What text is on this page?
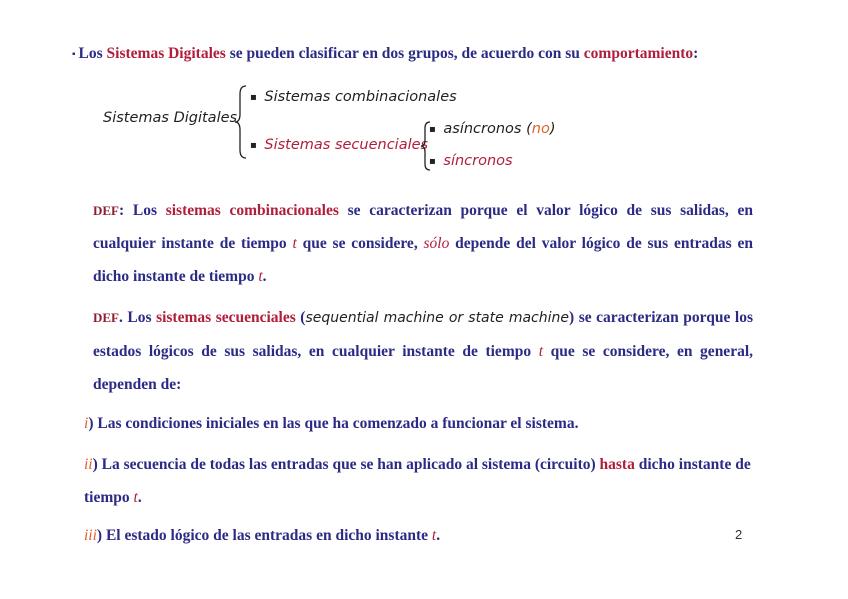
▪ Los Sistemas Digitales se pueden clasificar en dos grupos, de acuerdo con su comportamiento:
Sistemas Digitales
▪ Sistemas combinacionales
▪ Sistemas secuenciales
▪ asíncronos (no)
▪ síncronos
DEF: Los sistemas combinacionales se caracterizan porque el valor lógico de sus salidas, en cualquier instante de tiempo t que se considere, sólo depende del valor lógico de sus entradas en dicho instante de tiempo t.
DEF. Los sistemas secuenciales (sequential machine or state machine) se caracterizan porque los estados lógicos de sus salidas, en cualquier instante de tiempo t que se considere, en general, dependen de:
i) Las condiciones iniciales en las que ha comenzado a funcionar el sistema.
ii) La secuencia de todas las entradas que se han aplicado al sistema (circuito) hasta dicho instante de tiempo t.
iii) El estado lógico de las entradas en dicho instante t.	2
